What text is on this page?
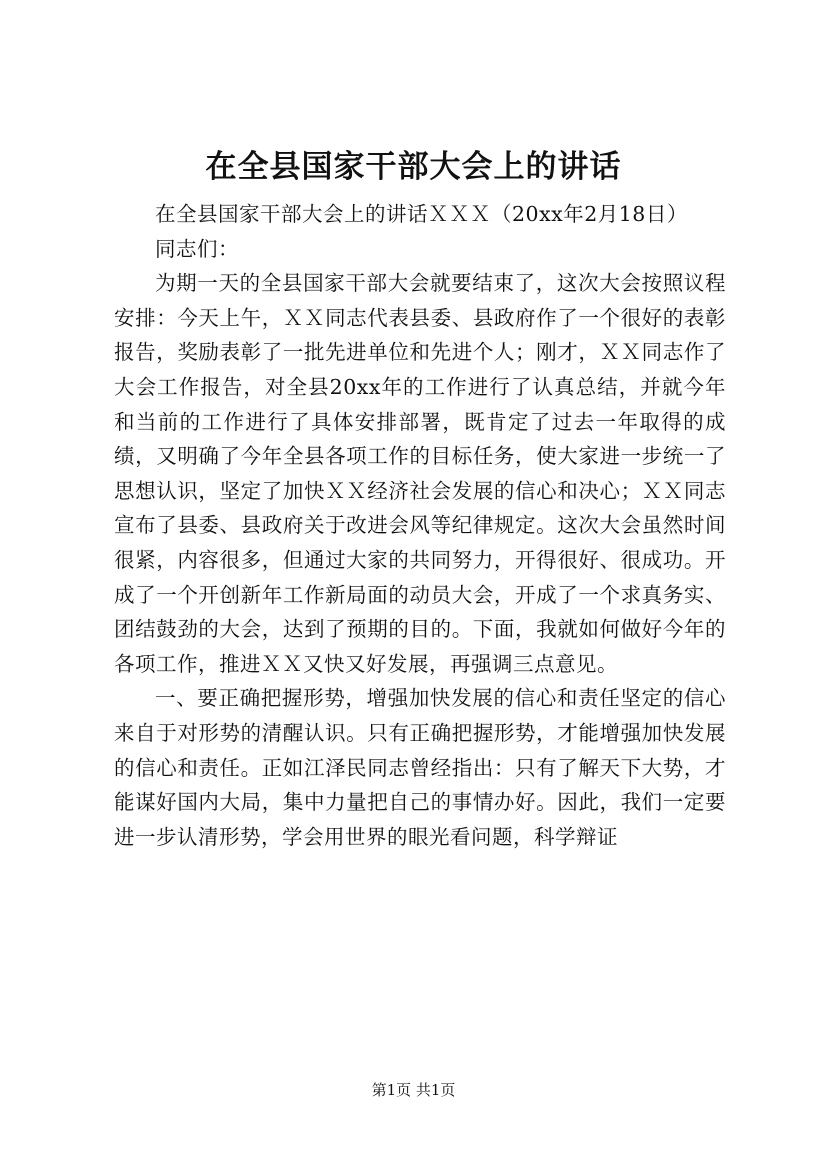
在全县国家干部大会上的讲话

在全县国家干部大会上的讲话ＸＸＸ（20xx年2月18日）

同志们：

为期一天的全县国家干部大会就要结束了，这次大会按照议程安排：今天上午，ＸＸ同志代表县委、县政府作了一个很好的表彰报告，奖励表彰了一批先进单位和先进个人；刚才，ＸＸ同志作了大会工作报告，对全县20xx年的工作进行了认真总结，并就今年和当前的工作进行了具体安排部署，既肯定了过去一年取得的成绩，又明确了今年全县各项工作的目标任务，使大家进一步统一了思想认识，坚定了加快ＸＸ经济社会发展的信心和决心；ＸＸ同志宣布了县委、县政府关于改进会风等纪律规定。这次大会虽然时间很紧，内容很多，但通过大家的共同努力，开得很好、很成功。开成了一个开创新年工作新局面的动员大会，开成了一个求真务实、团结鼓劲的大会，达到了预期的目的。下面，我就如何做好今年的各项工作，推进ＸＸ又快又好发展，再强调三点意见。

一、要正确把握形势，增强加快发展的信心和责任坚定的信心来自于对形势的清醒认识。只有正确把握形势，才能增强加快发展的信心和责任。正如江泽民同志曾经指出：只有了解天下大势，才能谋好国内大局，集中力量把自己的事情办好。因此，我们一定要进一步认清形势，学会用世界的眼光看问题，科学辩证

第1页 共1页
